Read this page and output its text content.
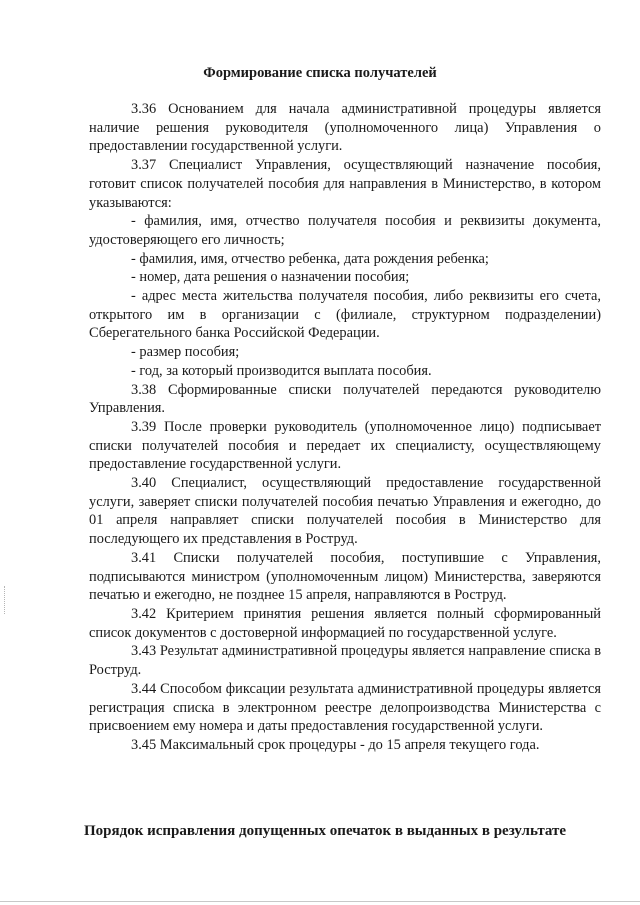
Формирование списка получателей

3.36 Основанием для начала административной процедуры является наличие решения руководителя (уполномоченного лица) Управления о предоставлении государственной услуги.

3.37 Специалист Управления, осуществляющий назначение пособия, готовит список получателей пособия для направления в Министерство, в котором указываются:

- фамилия, имя, отчество получателя пособия и реквизиты документа, удостоверяющего его личность;

- фамилия, имя, отчество ребенка, дата рождения ребенка;

- номер, дата решения о назначении пособия;

- адрес места жительства получателя пособия, либо реквизиты его счета, открытого им в организации с (филиале, структурном подразделении) Сберегательного банка Российской Федерации.

- размер пособия;

- год, за который производится выплата пособия.

3.38 Сформированные списки получателей передаются руководителю Управления.

3.39 После проверки руководитель (уполномоченное лицо) подписывает списки получателей пособия и передает их специалисту, осуществляющему предоставление государственной услуги.

3.40 Специалист, осуществляющий предоставление государственной услуги, заверяет списки получателей пособия печатью Управления и ежегодно, до 01 апреля направляет списки получателей пособия в Министерство для последующего их представления в Роструд.

3.41 Списки получателей пособия, поступившие с Управления, подписываются министром (уполномоченным лицом) Министерства, заверяются печатью и ежегодно, не позднее 15 апреля, направляются в Роструд.

3.42 Критерием принятия решения является полный сформированный список документов с достоверной информацией по государственной услуге.

3.43 Результат административной процедуры является направление списка в Роструд.

3.44 Способом фиксации результата административной процедуры является регистрация списка в электронном реестре делопроизводства Министерства с присвоением ему номера и даты предоставления государственной услуги.

3.45 Максимальный срок процедуры - до 15 апреля текущего года.

Порядок исправления допущенных опечаток в выданных в результате
